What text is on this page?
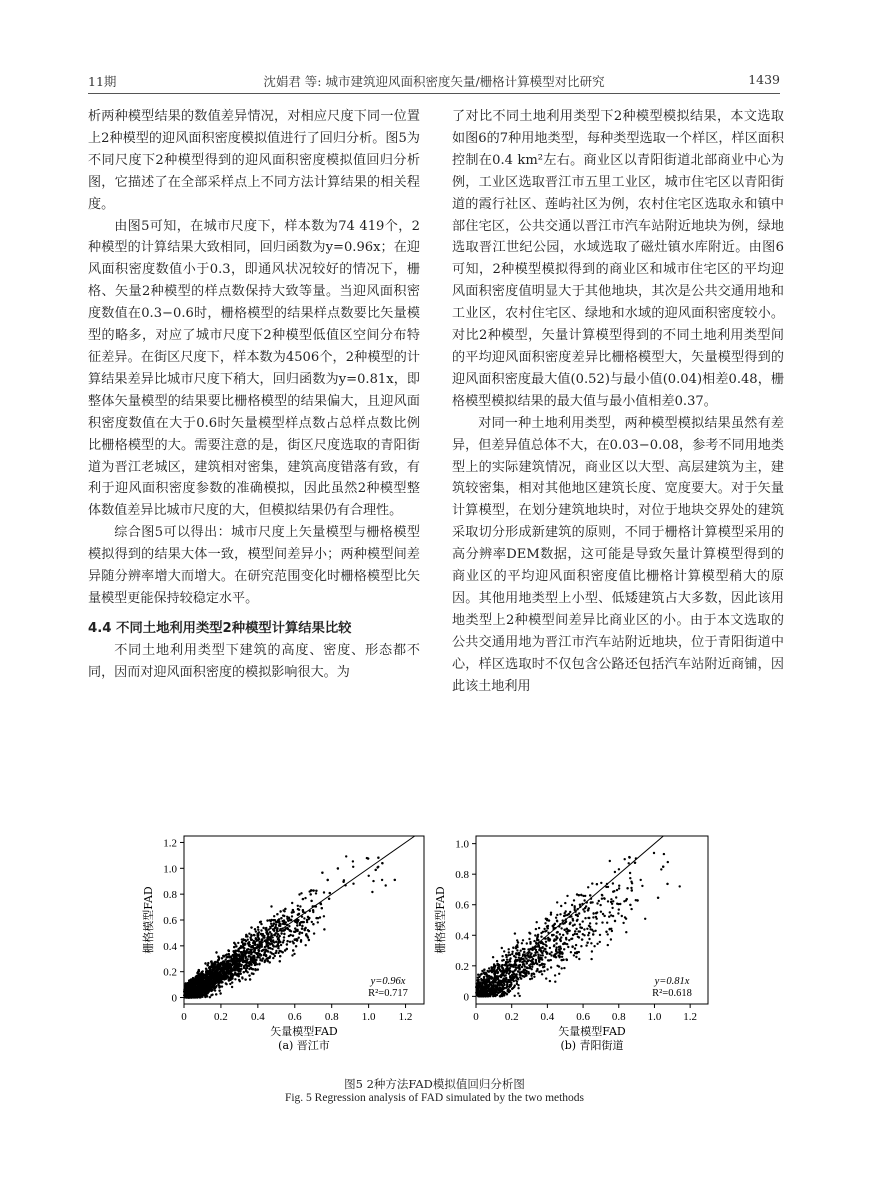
11期	沈娟君 等: 城市建筑迎风面积密度矢量/栅格计算模型对比研究	1439

析两种模型结果的数值差异情况，对相应尺度下同一位置上2种模型的迎风面积密度模拟值进行了回归分析。图5为不同尺度下2种模型得到的迎风面积密度模拟值回归分析图，它描述了在全部采样点上不同方法计算结果的相关程度。

由图5可知，在城市尺度下，样本数为74 419个，2种模型的计算结果大致相同，回归函数为y=0.96x；在迎风面积密度数值小于0.3，即通风状况较好的情况下，栅格、矢量2种模型的样点数保持大致等量。当迎风面积密度数值在0.3−0.6时，栅格模型的结果样点数要比矢量模型的略多，对应了城市尺度下2种模型低值区空间分布特征差异。在街区尺度下，样本数为4506个，2种模型的计算结果差异比城市尺度下稍大，回归函数为y=0.81x，即整体矢量模型的结果要比栅格模型的结果偏大，且迎风面积密度数值在大于0.6时矢量模型样点数占总样点数比例比栅格模型的大。需要注意的是，街区尺度选取的青阳街道为晋江老城区，建筑相对密集，建筑高度错落有致，有利于迎风面积密度参数的准确模拟，因此虽然2种模型整体数值差异比城市尺度的大，但模拟结果仍有合理性。

综合图5可以得出：城市尺度上矢量模型与栅格模型模拟得到的结果大体一致，模型间差异小；两种模型间差异随分辨率增大而增大。在研究范围变化时栅格模型比矢量模型更能保持较稳定水平。

4.4 不同土地利用类型2种模型计算结果比较

不同土地利用类型下建筑的高度、密度、形态都不同，因而对迎风面积密度的模拟影响很大。为

了对比不同土地利用类型下2种模型模拟结果，本文选取如图6的7种用地类型，每种类型选取一个样区，样区面积控制在0.4 km²左右。商业区以青阳街道北部商业中心为例，工业区选取晋江市五里工业区，城市住宅区以青阳街道的霞行社区、莲屿社区为例，农村住宅区选取永和镇中部住宅区，公共交通以晋江市汽车站附近地块为例，绿地选取晋江世纪公园，水域选取了磁灶镇水库附近。由图6可知，2种模型模拟得到的商业区和城市住宅区的平均迎风面积密度值明显大于其他地块，其次是公共交通用地和工业区，农村住宅区、绿地和水域的迎风面积密度较小。对比2种模型，矢量计算模型得到的不同土地利用类型间的平均迎风面积密度差异比栅格模型大，矢量模型得到的迎风面积密度最大值(0.52)与最小值(0.04)相差0.48，栅格模型模拟结果的最大值与最小值相差0.37。

对同一种土地利用类型，两种模型模拟结果虽然有差异，但差异值总体不大，在0.03−0.08，参考不同用地类型上的实际建筑情况，商业区以大型、高层建筑为主，建筑较密集，相对其他地区建筑长度、宽度要大。对于矢量计算模型，在划分建筑地块时，对位于地块交界处的建筑采取切分形成新建筑的原则，不同于栅格计算模型采用的高分辨率DEM数据，这可能是导致矢量计算模型得到的商业区的平均迎风面积密度值比栅格计算模型稍大的原因。其他用地类型上小型、低矮建筑占大多数，因此该用地类型上2种模型间差异比商业区的小。由于本文选取的公共交通用地为晋江市汽车站附近地块，位于青阳街道中心，样区选取时不仅包含公路还包括汽车站附近商铺，因此该土地利用

0 0.2 0.4 0.6 0.8 1.0 1.2
0
0.2
0.4
0.6
0.8
1.0
1.2
矢量模型FAD
栅格模型FAD
(a) 晋江市
y=0.96x
R²=0.717
0 0.2 0.4 0.6 0.8 1.0 1.2
0
0.2
0.4
0.6
0.8
1.0
矢量模型FAD
栅格模型FAD
(b) 青阳街道
y=0.81x
R²=0.618
图5 2种方法FAD模拟值回归分析图
Fig. 5 Regression analysis of FAD simulated by the two methods
